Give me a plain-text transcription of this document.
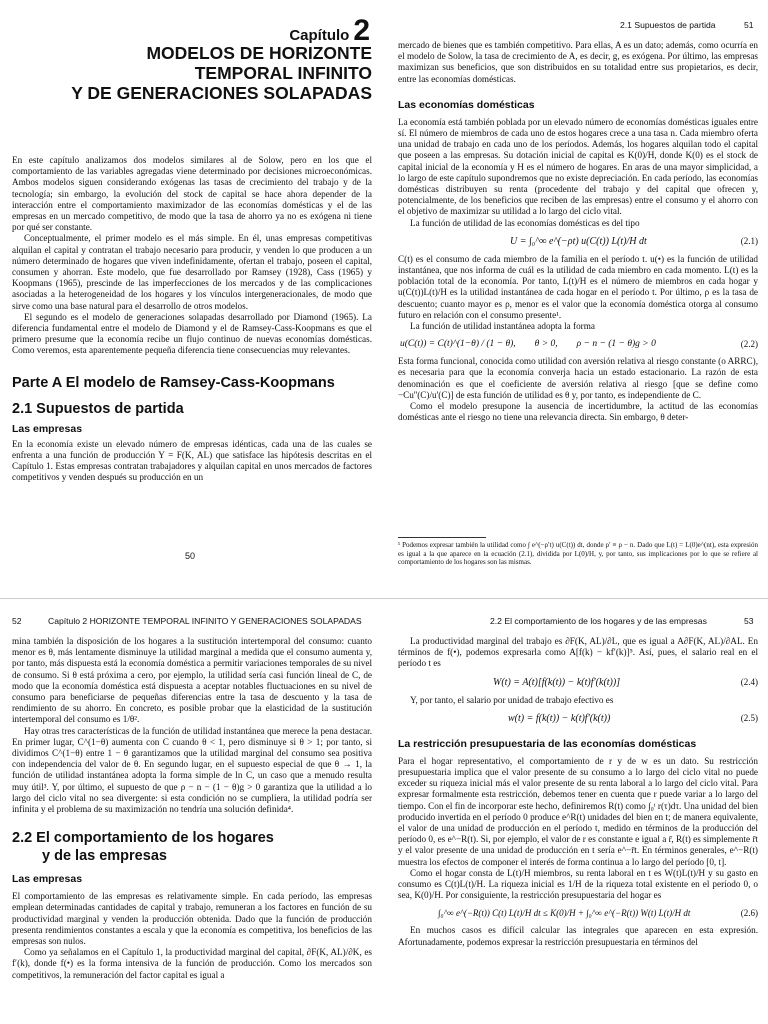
Capítulo 2
MODELOS DE HORIZONTE
TEMPORAL INFINITO
Y DE GENERACIONES SOLAPADAS

En este capítulo analizamos dos modelos similares al de Solow, pero en los que el comportamiento de las variables agregadas viene determinado por decisiones microeconómicas. Ambos modelos siguen considerando exógenas las tasas de crecimiento del trabajo y de la tecnología; sin embargo, la evolución del stock de capital se hace ahora depender de la interacción entre el comportamiento maximizador de las economías domésticas y el de las empresas en un mercado competitivo, de modo que la tasa de ahorro ya no es exógena ni tiene por qué ser constante.

Conceptualmente, el primer modelo es el más simple. En él, unas empresas competitivas alquilan el capital y contratan el trabajo necesario para producir, y venden lo que producen a un número determinado de hogares que viven indefinidamente, ofertan el trabajo, poseen el capital, consumen y ahorran. Este modelo, que fue desarrollado por Ramsey (1928), Cass (1965) y Koopmans (1965), prescinde de las imperfecciones de los mercados y de las complicaciones asociadas a la heterogeneidad de los hogares y los vínculos intergeneracionales, de modo que sirve como una base natural para el desarrollo de otros modelos.

El segundo es el modelo de generaciones solapadas desarrollado por Diamond (1965). La diferencia fundamental entre el modelo de Diamond y el de Ramsey-Cass-Koopmans es que el primero presume que la economía recibe un flujo continuo de nuevas economías domésticas. Como veremos, esta aparentemente pequeña diferencia tiene consecuencias muy relevantes.

Parte A El modelo de Ramsey-Cass-Koopmans
2.1 Supuestos de partida
Las empresas

En la economía existe un elevado número de empresas idénticas, cada una de las cuales se enfrenta a una función de producción Y = F(K, AL) que satisface las hipótesis descritas en el Capítulo 1. Estas empresas contratan trabajadores y alquilan capital en unos mercados de factores competitivos y venden después su producción en un

50
2.1 Supuestos de partida	51

mercado de bienes que es también competitivo. Para ellas, A es un dato; además, como ocurría en el modelo de Solow, la tasa de crecimiento de A, es decir, g, es exógena. Por último, las empresas maximizan sus beneficios, que son distribuidos en su totalidad entre sus propietarios, es decir, entre las economías domésticas.

Las economías domésticas

La economía está también poblada por un elevado número de economías domésticas iguales entre sí. El número de miembros de cada uno de estos hogares crece a una tasa n. Cada miembro oferta una unidad de trabajo en cada uno de los períodos. Además, los hogares alquilan todo el capital que poseen a las empresas. Su dotación inicial de capital es K(0)/H, donde K(0) es el stock de capital inicial de la economía y H es el número de hogares. En aras de una mayor simplicidad, a lo largo de este capítulo supondremos que no existe depreciación. En cada período, las economías domésticas distribuyen su renta (procedente del trabajo y del capital que ofrecen y, potencialmente, de los beneficios que reciben de las empresas) entre el consumo y el ahorro con el objetivo de maximizar su utilidad a lo largo del ciclo vital.

La función de utilidad de las economías domésticas es del tipo

U = ∫₀^∞ e^(−ρt) u(C(t)) L(t)/H dt	(2.1)

C(t) es el consumo de cada miembro de la familia en el período t. u(•) es la función de utilidad instantánea, que nos informa de cuál es la utilidad de cada miembro en cada momento. L(t) es la población total de la economía. Por tanto, L(t)/H es el número de miembros en cada hogar y u(C(t))L(t)/H es la utilidad instantánea de cada hogar en el período t. Por último, ρ es la tasa de descuento; cuanto mayor es ρ, menor es el valor que la economía doméstica otorga al consumo futuro en relación con el consumo presente¹.

La función de utilidad instantánea adopta la forma

u(C(t)) = C(t)^(1−θ) / (1 − θ),        θ > 0,        ρ − n − (1 − θ)g > 0	(2.2)

Esta forma funcional, conocida como utilidad con aversión relativa al riesgo constante (o ARRC), es necesaria para que la economía converja hacia un estado estacionario. La razón de esta denominación es que el coeficiente de aversión relativa al riesgo [que se define como −Cu''(C)/u'(C)] de esta función de utilidad es θ y, por tanto, es independiente de C.

Como el modelo presupone la ausencia de incertidumbre, la actitud de las economías domésticas ante el riesgo no tiene una relevancia directa. Sin embargo, θ deter-

¹ Podemos expresar también la utilidad como ∫ e^(−ρ′t) u(C(t)) dt, donde ρ′ ≡ ρ − n. Dado que L(t) = L(0)e^(nt), esta expresión es igual a la que aparece en la ecuación (2.1), dividida por L(0)/H, y, por tanto, sus implicaciones por lo que se refiere al comportamiento de los hogares son las mismas.

52	Capítulo 2 HORIZONTE TEMPORAL INFINITO Y GENERACIONES SOLAPADAS

mina también la disposición de los hogares a la sustitución intertemporal del consumo: cuanto menor es θ, más lentamente disminuye la utilidad marginal a medida que el consumo aumenta y, por tanto, más dispuesta está la economía doméstica a permitir variaciones temporales de su nivel de consumo. Si θ está próxima a cero, por ejemplo, la utilidad sería casi función lineal de C, de modo que la economía doméstica está dispuesta a aceptar notables fluctuaciones en su nivel de consumo para beneficiarse de pequeñas diferencias entre la tasa de descuento y la tasa de rendimiento de su ahorro. En concreto, es posible probar que la elasticidad de la sustitución intertemporal del consumo es 1/θ².

Hay otras tres características de la función de utilidad instantánea que merece la pena destacar. En primer lugar, C^(1−θ) aumenta con C cuando θ < 1, pero disminuye si θ > 1; por tanto, si dividimos C^(1−θ) entre 1 − θ garantizamos que la utilidad marginal del consumo sea positiva con independencia del valor de θ. En segundo lugar, en el supuesto especial de que θ → 1, la función de utilidad instantánea adopta la forma simple de ln C, un caso que a menudo resulta muy útil³. Y, por último, el supuesto de que ρ − n − (1 − θ)g > 0 garantiza que la utilidad a lo largo del ciclo vital no sea divergente: si esta condición no se cumpliera, la utilidad podría ser infinita y el problema de su maximización no tendría una solución definida⁴.

2.2 El comportamiento de los hogares
y de las empresas
Las empresas

El comportamiento de las empresas es relativamente simple. En cada período, las empresas emplean determinadas cantidades de capital y trabajo, remuneran a los factores en función de su productividad marginal y venden la producción obtenida. Dado que la función de producción presenta rendimientos constantes a escala y que la economía es competitiva, los beneficios de las empresas son nulos.

Como ya señalamos en el Capítulo 1, la productividad marginal del capital, ∂F(K, AL)/∂K, es f′(k), donde f(•) es la forma intensiva de la función de producción. Como los mercados son competitivos, la remuneración del factor capital es igual a

2.2 El comportamiento de los hogares y de las empresas	53

La productividad marginal del trabajo es ∂F(K, AL)/∂L, que es igual a A∂F(K, AL)/∂AL. En términos de f(•), podemos expresarla como A[f(k) − kf′(k)]⁵. Así, pues, el salario real en el período t es

W(t) = A(t)[f(k(t)) − k(t)f′(k(t))]	(2.4)

Y, por tanto, el salario por unidad de trabajo efectivo es

w(t) = f(k(t)) − k(t)f′(k(t))	(2.5)
La restricción presupuestaria de las economías domésticas

Para el hogar representativo, el comportamiento de r y de w es un dato. Su restricción presupuestaria implica que el valor presente de su consumo a lo largo del ciclo vital no puede exceder su riqueza inicial más el valor presente de su renta laboral a lo largo del ciclo vital. Para expresar formalmente esta restricción, debemos tener en cuenta que r puede variar a lo largo del tiempo. Con el fin de incorporar este hecho, definiremos R(t) como ∫₀ᵗ r(τ)dτ. Una unidad del bien producido invertida en el período 0 produce e^R(t) unidades del bien en t; de manera equivalente, el valor de una unidad de producción en el período t, medido en términos de la producción del período 0, es e^−R(t). Si, por ejemplo, el valor de r es constante e igual a r̄, R(t) es simplemente r̄t y el valor presente de una unidad de producción en t sería e^−r̄t. En términos generales, e^−R(t) muestra los efectos de componer el interés de forma continua a lo largo del período [0, t].

Como el hogar consta de L(t)/H miembros, su renta laboral en t es W(t)L(t)/H y su gasto en consumo es C(t)L(t)/H. La riqueza inicial es 1/H de la riqueza total existente en el período 0, o sea, K(0)/H. Por consiguiente, la restricción presupuestaria del hogar es

∫₀^∞ e^(−R(t)) C(t) L(t)/H dt ≤ K(0)/H + ∫₀^∞ e^(−R(t)) W(t) L(t)/H dt	(2.6)

En muchos casos es difícil calcular las integrales que aparecen en esta expresión. Afortunadamente, podemos expresar la restricción presupuestaria en términos del
